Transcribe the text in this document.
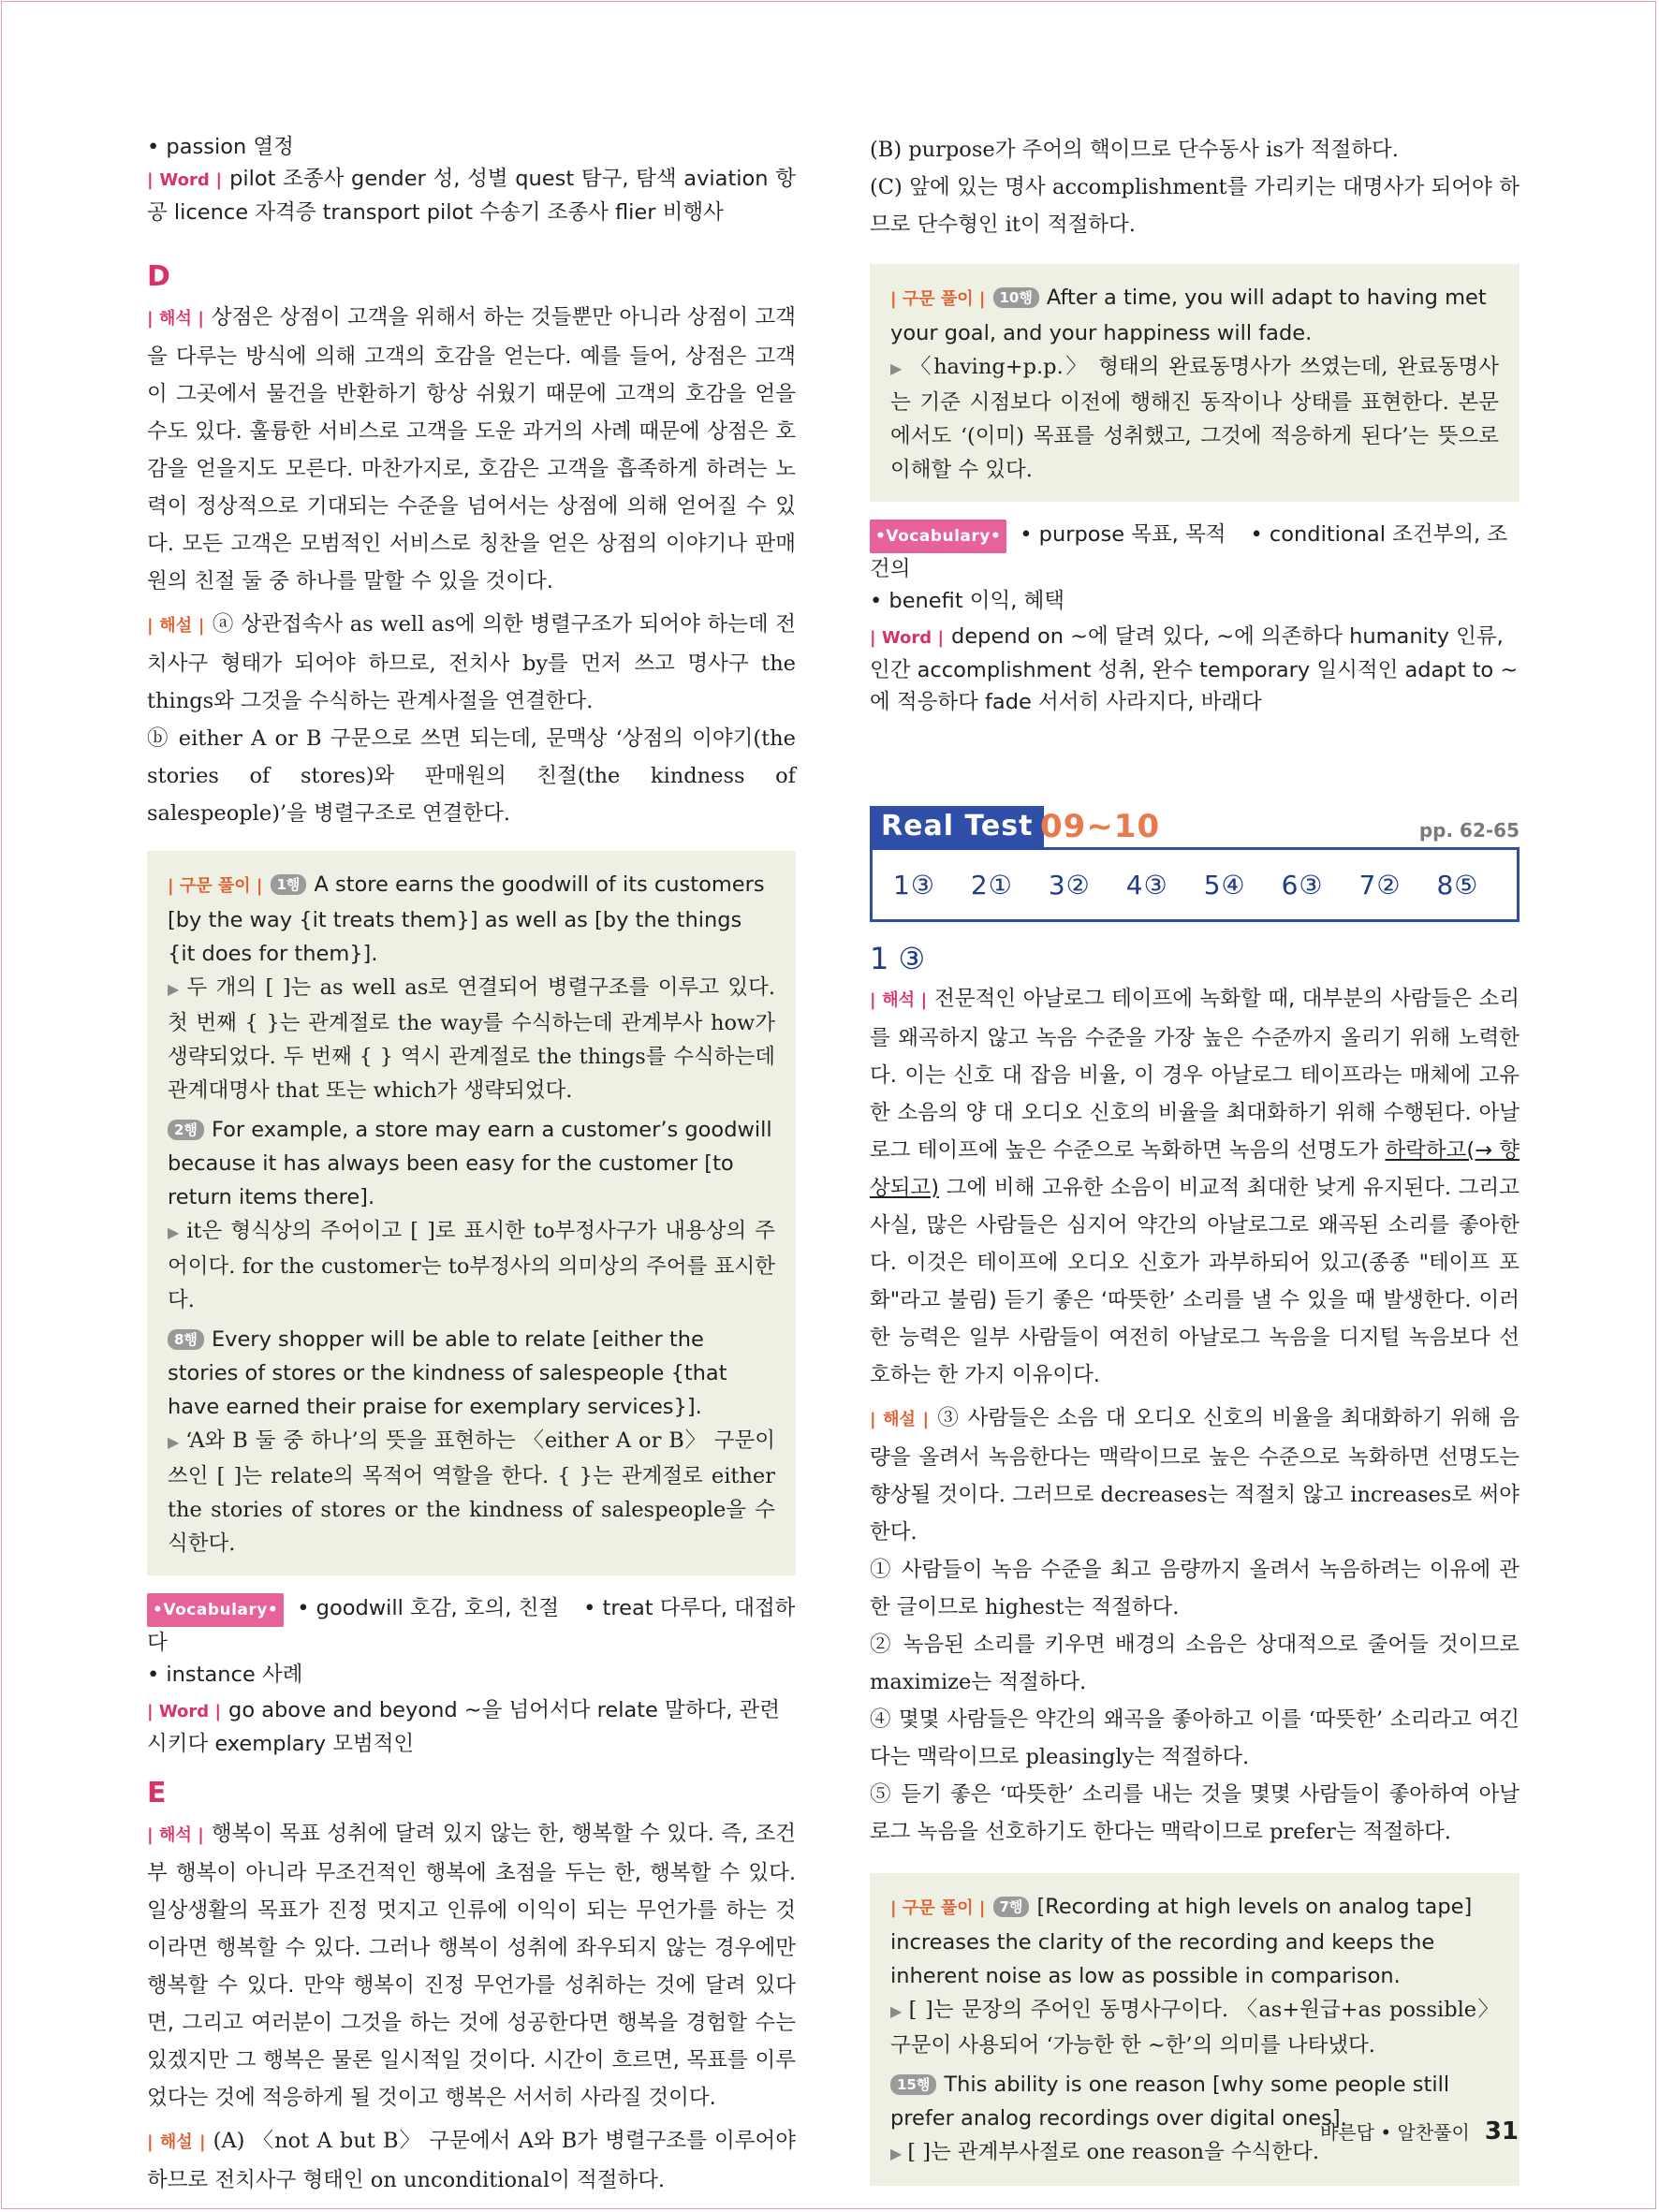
• passion 열정

| Word | pilot 조종사 gender 성, 성별 quest 탐구, 탐색 aviation 항공 licence 자격증 transport pilot 수송기 조종사 flier 비행사

D

| 해석 | 상점은 상점이 고객을 위해서 하는 것들뿐만 아니라 상점이 고객을 다루는 방식에 의해 고객의 호감을 얻는다. 예를 들어, 상점은 고객이 그곳에서 물건을 반환하기 항상 쉬웠기 때문에 고객의 호감을 얻을 수도 있다. 훌륭한 서비스로 고객을 도운 과거의 사례 때문에 상점은 호감을 얻을지도 모른다. 마찬가지로, 호감은 고객을 흡족하게 하려는 노력이 정상적으로 기대되는 수준을 넘어서는 상점에 의해 얻어질 수 있다. 모든 고객은 모범적인 서비스로 칭찬을 얻은 상점의 이야기나 판매원의 친절 둘 중 하나를 말할 수 있을 것이다.

| 해설 | ⓐ 상관접속사 as well as에 의한 병렬구조가 되어야 하는데 전치사구 형태가 되어야 하므로, 전치사 by를 먼저 쓰고 명사구 the things와 그것을 수식하는 관계사절을 연결한다.

ⓑ either A or B 구문으로 쓰면 되는데, 문맥상 ‘상점의 이야기(the stories of stores)와 판매원의 친절(the kindness of salespeople)’을 병렬구조로 연결한다.

| 구문 풀이 | 1행 A store earns the goodwill of its customers [by the way {it treats them}] as well as [by the things {it does for them}].

▶ 두 개의 [ ]는 as well as로 연결되어 병렬구조를 이루고 있다. 첫 번째 { }는 관계절로 the way를 수식하는데 관계부사 how가 생략되었다. 두 번째 { } 역시 관계절로 the things를 수식하는데 관계대명사 that 또는 which가 생략되었다.

2행 For example, a store may earn a customer’s goodwill because it has always been easy for the customer [to return items there].

▶ it은 형식상의 주어이고 [ ]로 표시한 to부정사구가 내용상의 주어이다. for the customer는 to부정사의 의미상의 주어를 표시한다.

8행 Every shopper will be able to relate [either the stories of stores or the kindness of salespeople {that have earned their praise for exemplary services}].

▶ ‘A와 B 둘 중 하나’의 뜻을 표현하는 〈either A or B〉 구문이 쓰인 [ ]는 relate의 목적어 역할을 한다. { }는 관계절로 either the stories of stores or the kindness of salespeople을 수식한다.

•Vocabulary• • goodwill 호감, 호의, 친절 • treat 다루다, 대접하다
• instance 사례

| Word | go above and beyond ~을 넘어서다 relate 말하다, 관련시키다 exemplary 모범적인

E

| 해석 | 행복이 목표 성취에 달려 있지 않는 한, 행복할 수 있다. 즉, 조건부 행복이 아니라 무조건적인 행복에 초점을 두는 한, 행복할 수 있다. 일상생활의 목표가 진정 멋지고 인류에 이익이 되는 무언가를 하는 것이라면 행복할 수 있다. 그러나 행복이 성취에 좌우되지 않는 경우에만 행복할 수 있다. 만약 행복이 진정 무언가를 성취하는 것에 달려 있다면, 그리고 여러분이 그것을 하는 것에 성공한다면 행복을 경험할 수는 있겠지만 그 행복은 물론 일시적일 것이다. 시간이 흐르면, 목표를 이루었다는 것에 적응하게 될 것이고 행복은 서서히 사라질 것이다.

| 해설 | (A) 〈not A but B〉 구문에서 A와 B가 병렬구조를 이루어야 하므로 전치사구 형태인 on unconditional이 적절하다.

(B) purpose가 주어의 핵이므로 단수동사 is가 적절하다.

(C) 앞에 있는 명사 accomplishment를 가리키는 대명사가 되어야 하므로 단수형인 it이 적절하다.

| 구문 풀이 | 10행 After a time, you will adapt to having met your goal, and your happiness will fade.

▶ 〈having+p.p.〉 형태의 완료동명사가 쓰였는데, 완료동명사는 기준 시점보다 이전에 행해진 동작이나 상태를 표현한다. 본문에서도 ‘(이미) 목표를 성취했고, 그것에 적응하게 된다’는 뜻으로 이해할 수 있다.

•Vocabulary• • purpose 목표, 목적 • conditional 조건부의, 조건의
• benefit 이익, 혜택

| Word | depend on ~에 달려 있다, ~에 의존하다 humanity 인류, 인간 accomplishment 성취, 완수 temporary 일시적인 adapt to ~에 적응하다 fade 서서히 사라지다, 바래다

Real Test 09~10	pp. 62-65
1③ 2① 3② 4③ 5④ 6③ 7② 8⑤
1 ③

| 해석 | 전문적인 아날로그 테이프에 녹화할 때, 대부분의 사람들은 소리를 왜곡하지 않고 녹음 수준을 가장 높은 수준까지 올리기 위해 노력한다. 이는 신호 대 잡음 비율, 이 경우 아날로그 테이프라는 매체에 고유한 소음의 양 대 오디오 신호의 비율을 최대화하기 위해 수행된다. 아날로그 테이프에 높은 수준으로 녹화하면 녹음의 선명도가 하락하고(→ 향상되고) 그에 비해 고유한 소음이 비교적 최대한 낮게 유지된다. 그리고 사실, 많은 사람들은 심지어 약간의 아날로그로 왜곡된 소리를 좋아한다. 이것은 테이프에 오디오 신호가 과부하되어 있고(종종 "테이프 포화"라고 불림) 듣기 좋은 ‘따뜻한’ 소리를 낼 수 있을 때 발생한다. 이러한 능력은 일부 사람들이 여전히 아날로그 녹음을 디지털 녹음보다 선호하는 한 가지 이유이다.

| 해설 | ③ 사람들은 소음 대 오디오 신호의 비율을 최대화하기 위해 음량을 올려서 녹음한다는 맥락이므로 높은 수준으로 녹화하면 선명도는 향상될 것이다. 그러므로 decreases는 적절치 않고 increases로 써야 한다.

① 사람들이 녹음 수준을 최고 음량까지 올려서 녹음하려는 이유에 관한 글이므로 highest는 적절하다.

② 녹음된 소리를 키우면 배경의 소음은 상대적으로 줄어들 것이므로 maximize는 적절하다.

④ 몇몇 사람들은 약간의 왜곡을 좋아하고 이를 ‘따뜻한’ 소리라고 여긴다는 맥락이므로 pleasingly는 적절하다.

⑤ 듣기 좋은 ‘따뜻한’ 소리를 내는 것을 몇몇 사람들이 좋아하여 아날로그 녹음을 선호하기도 한다는 맥락이므로 prefer는 적절하다.

| 구문 풀이 | 7행 [Recording at high levels on analog tape] increases the clarity of the recording and keeps the inherent noise as low as possible in comparison.

▶ [ ]는 문장의 주어인 동명사구이다. 〈as+원급+as possible〉 구문이 사용되어 ‘가능한 한 ~한’의 의미를 나타냈다.

15행 This ability is one reason [why some people still prefer analog recordings over digital ones].

▶ [ ]는 관계부사절로 one reason을 수식한다.

바른답 • 알찬풀이 31
